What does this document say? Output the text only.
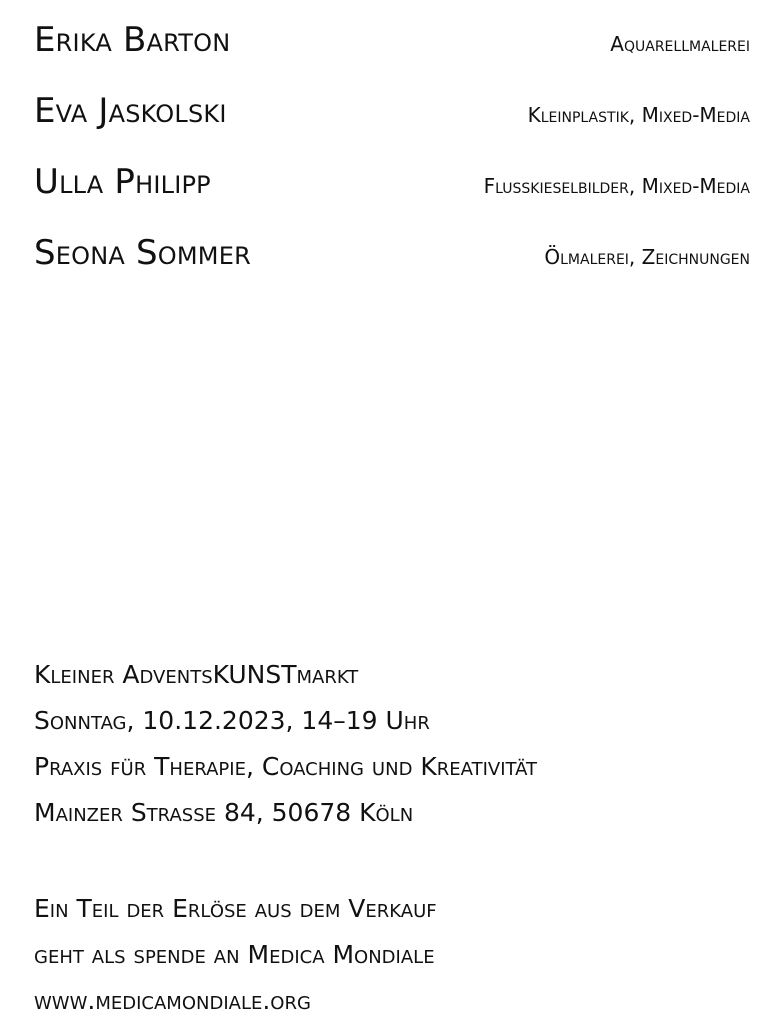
Erika Barton	Aquarellmalerei
Eva Jaskolski	Kleinplastik, Mixed-Media
Ulla Philipp	Flusskieselbilder, Mixed-Media
Seona Sommer	Ölmalerei, Zeichnungen
Kleiner AdventsKUNSTmarkt
Sonntag, 10.12.2023, 14–19 Uhr
Praxis für Therapie, Coaching und Kreativität
Mainzer Straße 84, 50678 Köln
Ein Teil der Erlöse aus dem Verkauf
geht als spende an Medica Mondiale
www.medicamondiale.org
